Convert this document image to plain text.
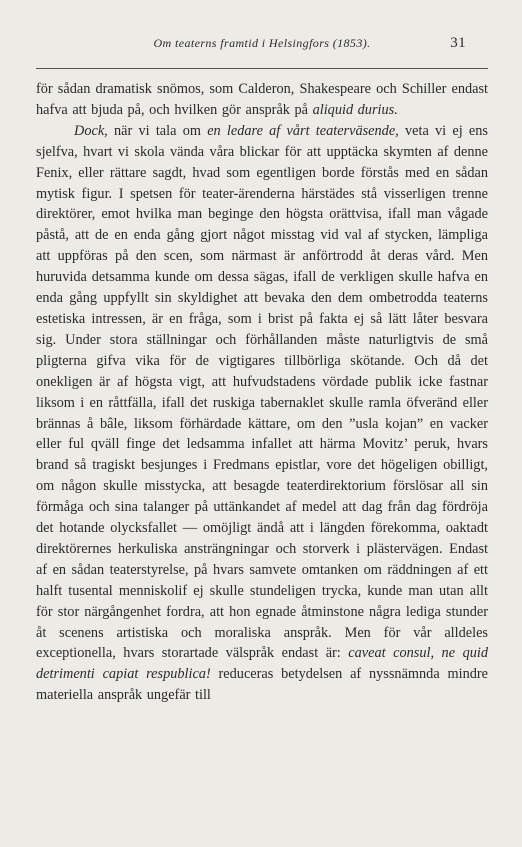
Om teaterns framtid i Helsingfors (1853).	31

för sådan dramatisk snömos, som Calderon, Shakespeare och Schiller endast hafva att bjuda på, och hvilken gör anspråk på aliquid durius.

Dock, när vi tala om en ledare af vårt teaterväsende, veta vi ej ens sjelfva, hvart vi skola vända våra blickar för att upptäcka skymten af denne Fenix, eller rättare sagdt, hvad som egentligen borde förstås med en sådan mytisk figur. I spetsen för teater-ärenderna härstädes stå visserligen trenne direktörer, emot hvilka man beginge den högsta orättvisa, ifall man vågade påstå, att de en enda gång gjort något misstag vid val af stycken, lämpliga att uppföras på den scen, som närmast är anförtrodd åt deras vård. Men huruvida detsamma kunde om dessa sägas, ifall de verkligen skulle hafva en enda gång uppfyllt sin skyldighet att bevaka den dem ombetrodda teaterns estetiska intressen, är en fråga, som i brist på fakta ej så lätt låter besvara sig. Under stora ställningar och förhållanden måste naturligtvis de små pligterna gifva vika för de vigtigares tillbörliga skötande. Och då det onekligen är af högsta vigt, att hufvudstadens vördade publik icke fastnar liksom i en råttfälla, ifall det ruskiga tabernaklet skulle ramla öfveränd eller brännas å bâle, liksom förhärdade kättare, om den ”usla kojan” en vacker eller ful qväll finge det ledsamma infallet att härma Movitz’ peruk, hvars brand så tragiskt besjunges i Fredmans epistlar, vore det högeligen obilligt, om någon skulle misstycka, att besagde teaterdirektorium förslösar all sin förmåga och sina talanger på uttänkandet af medel att dag från dag fördröja det hotande olycksfallet — omöjligt ändå att i längden förekomma, oaktadt direktörernes herkuliska ansträngningar och storverk i plästervägen. Endast af en sådan teaterstyrelse, på hvars samvete omtanken om räddningen af ett halft tusental menniskolif ej skulle stundeligen trycka, kunde man utan allt för stor närgångenhet fordra, att hon egnade åtminstone några lediga stunder åt scenens artistiska och moraliska anspråk. Men för vår alldeles exceptionella, hvars storartade välspråk endast är: caveat consul, ne quid detrimenti capiat respublica! reduceras betydelsen af nyssnämnda mindre materiella anspråk ungefär till
